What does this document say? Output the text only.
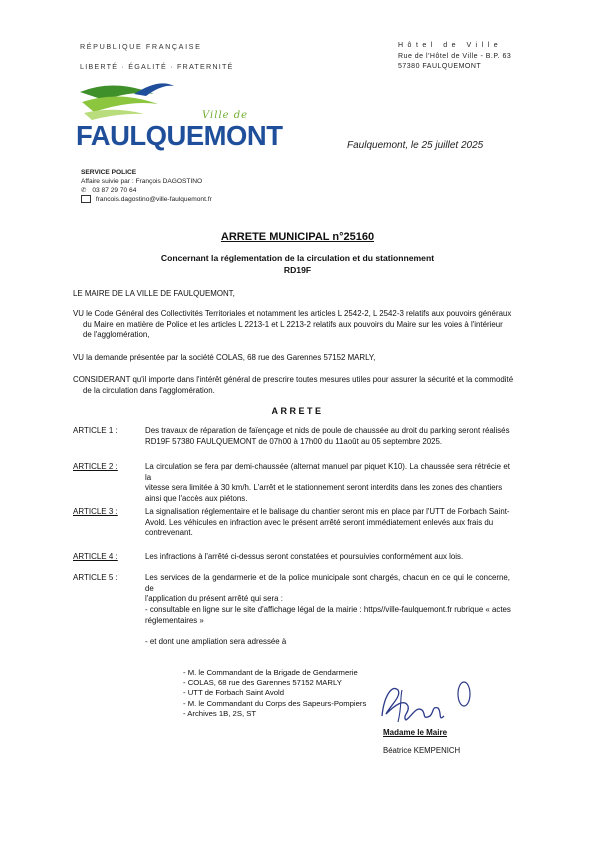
RÉPUBLIQUE FRANÇAISE
LIBERTÉ · ÉGALITÉ · FRATERNITÉ
Hôtel de Ville
Rue de l'Hôtel de Ville - B.P. 63
57380 FAULQUEMONT
Ville de
FAULQUEMONT	Faulquemont, le 25 juillet 2025
SERVICE POLICE
Affaire suivie par : François DAGOSTINO
✆ 03 87 29 70 64
francois.dagostino@ville-faulquemont.fr
ARRETE MUNICIPAL n°25160
Concernant la réglementation de la circulation et du stationnement
RD19F
LE MAIRE DE LA VILLE DE FAULQUEMONT,
VU le Code Général des Collectivités Territoriales et notamment les articles L 2542-2, L 2542-3 relatifs aux pouvoirs généraux
du Maire en matière de Police et les articles L 2213-1 et L 2213-2 relatifs aux pouvoirs du Maire sur les voies à l'intérieur
de l'agglomération,
VU la demande présentée par la société COLAS, 68 rue des Garennes 57152 MARLY,
CONSIDERANT qu'il importe dans l'intérêt général de prescrire toutes mesures utiles pour assurer la sécurité et la commodité
de la circulation dans l'agglomération.
ARRETE
ARTICLE 1 :	Des travaux de réparation de faïençage et nids de poule de chaussée au droit du parking seront réalisés
RD19F 57380 FAULQUEMONT de 07h00 à 17h00 du 11août au 05 septembre 2025.
ARTICLE 2 :	La circulation se fera par demi-chaussée (alternat manuel par piquet K10). La chaussée sera rétrécie et la
vitesse sera limitée à 30 km/h. L'arrêt et le stationnement seront interdits dans les zones des chantiers
ainsi que l'accès aux piétons.
ARTICLE 3 :	La signalisation réglementaire et le balisage du chantier seront mis en place par l'UTT de Forbach Saint-
Avold. Les véhicules en infraction avec le présent arrêté seront immédiatement enlevés aux frais du
contrevenant.
ARTICLE 4 :	Les infractions à l'arrêté ci-dessus seront constatées et poursuivies conformément aux lois.
ARTICLE 5 :	Les services de la gendarmerie et de la police municipale sont chargés, chacun en ce qui le concerne, de
l'application du présent arrêté qui sera :
- consultable en ligne sur le site d'affichage légal de la mairie : https//ville-faulquemont.fr rubrique « actes
réglementaires »
- et dont une ampliation sera adressée à
- M. le Commandant de la Brigade de Gendarmerie
- COLAS, 68 rue des Garennes 57152 MARLY
- UTT de Forbach Saint Avold
- M. le Commandant du Corps des Sapeurs-Pompiers
- Archives 1B, 2S, ST
Madame le Maire
Béatrice KEMPENICH
